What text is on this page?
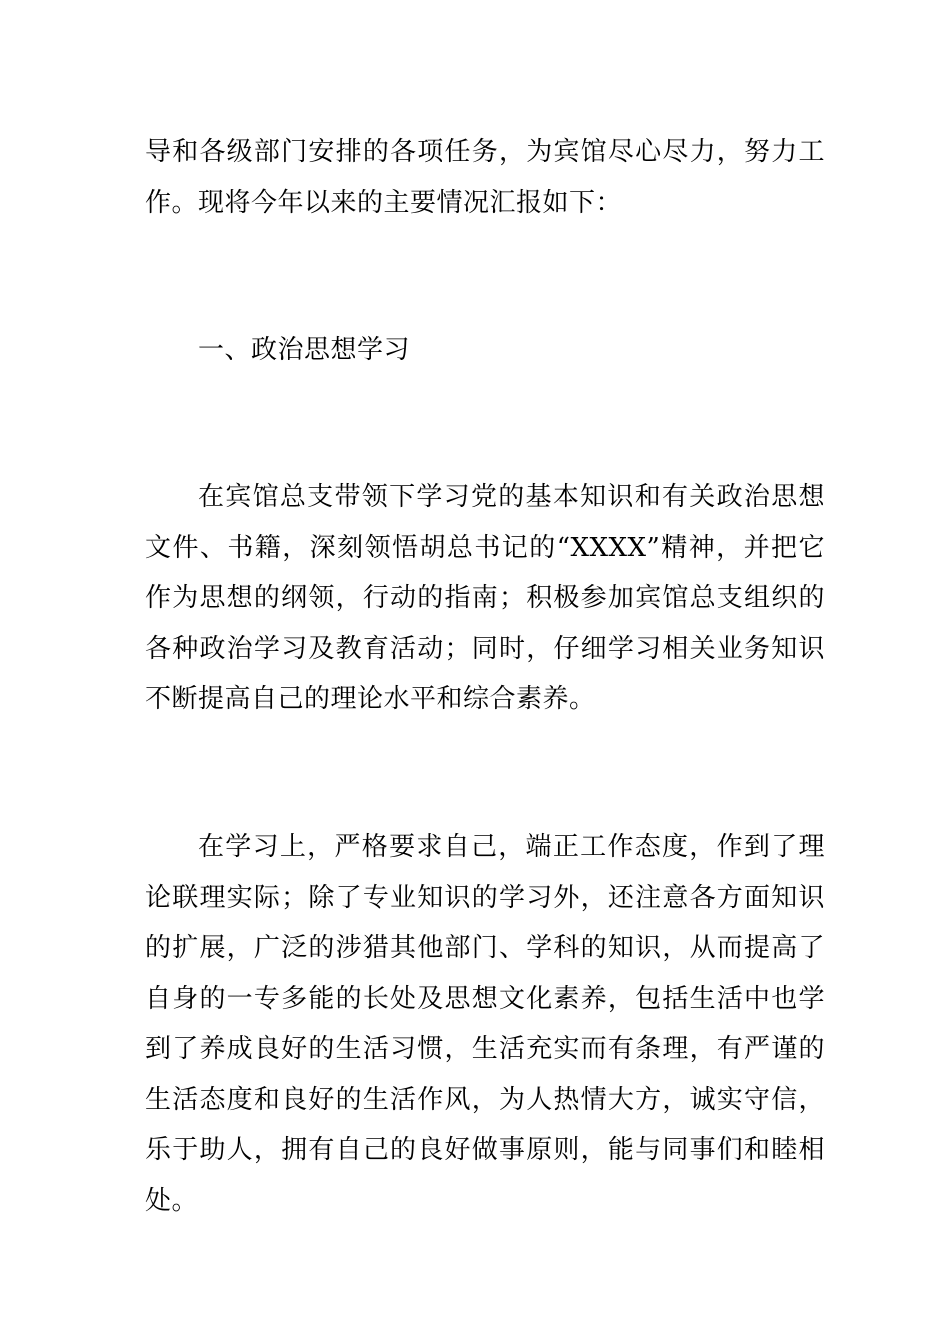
导和各级部门安排的各项任务，为宾馆尽心尽力，努力工作。现将今年以来的主要情况汇报如下：

一、政治思想学习

在宾馆总支带领下学习党的基本知识和有关政治思想文件、书籍，深刻领悟胡总书记的“XXXX”精神，并把它作为思想的纲领，行动的指南；积极参加宾馆总支组织的各种政治学习及教育活动；同时，仔细学习相关业务知识不断提高自己的理论水平和综合素养。

在学习上，严格要求自己，端正工作态度，作到了理论联理实际；除了专业知识的学习外，还注意各方面知识的扩展，广泛的涉猎其他部门、学科的知识，从而提高了自身的一专多能的长处及思想文化素养，包括生活中也学到了养成良好的生活习惯，生活充实而有条理，有严谨的生活态度和良好的生活作风，为人热情大方，诚实守信，乐于助人，拥有自己的良好做事原则，能与同事们和睦相处。
